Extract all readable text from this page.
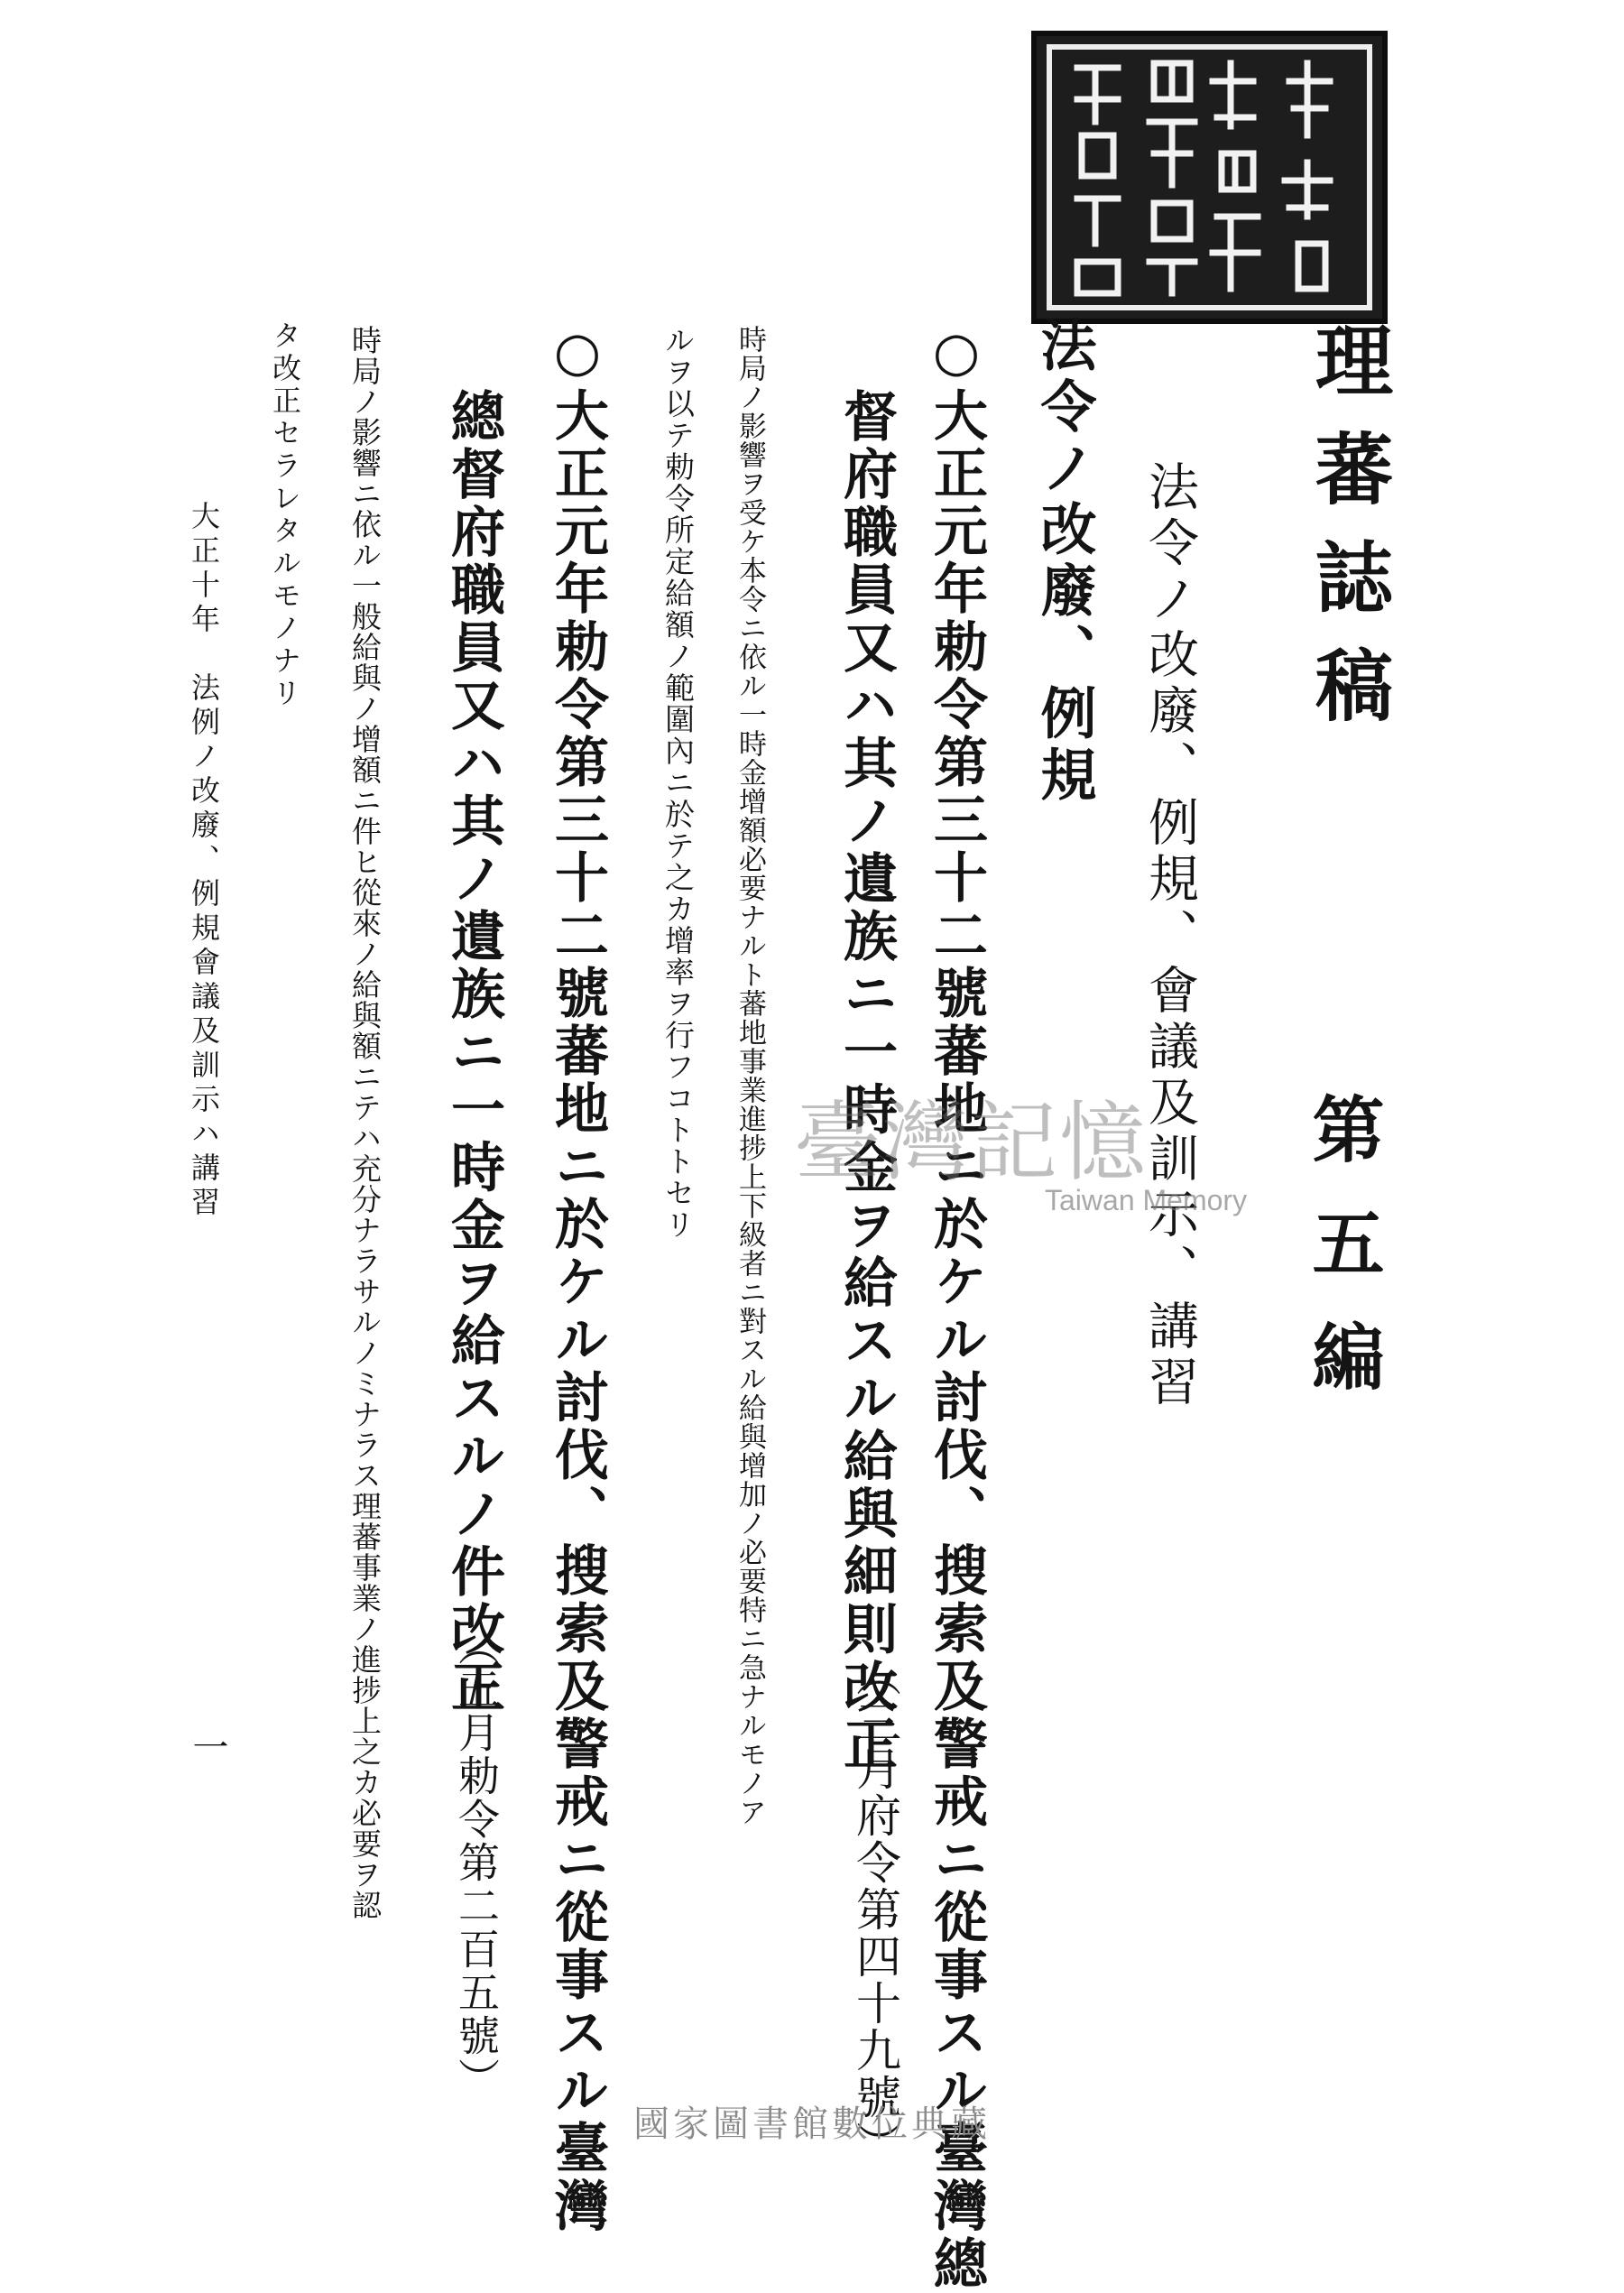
理蕃誌稿
第五編
法令ノ改廢、例規、會議及訓示、講習
法令ノ改廢、例規
○大正元年勅令第三十二號蕃地ニ於ケル討伐、搜索及警戒ニ從事スル臺灣總
督府職員又ハ其ノ遺族ニ一時金ヲ給スル給與細則改正
（三月府令第四十九號）
時局ノ影響ヲ受ケ本令ニ依ル一時金增額必要ナルト蕃地事業進捗上下級者ニ對スル給與增加ノ必要特ニ急ナルモノア
ルヲ以テ勅令所定給額ノ範圍內ニ於テ之カ增率ヲ行フコトトセリ
○大正元年勅令第三十二號蕃地ニ於ケル討伐、搜索及警戒ニ從事スル臺灣
總督府職員又ハ其ノ遺族ニ一時金ヲ給スルノ件改正
（五月勅令第二百五號）
時局ノ影響ニ依ル一般給與ノ增額ニ件ヒ從來ノ給與額ニテハ充分ナラサルノミナラス理蕃事業ノ進捗上之カ必要ヲ認
タ改正セラレタルモノナリ
大正十年　法例ノ改廢、例規會議及訓示ハ講習
一
臺灣記憶
Taiwan Memory
國家圖書館數位典藏
